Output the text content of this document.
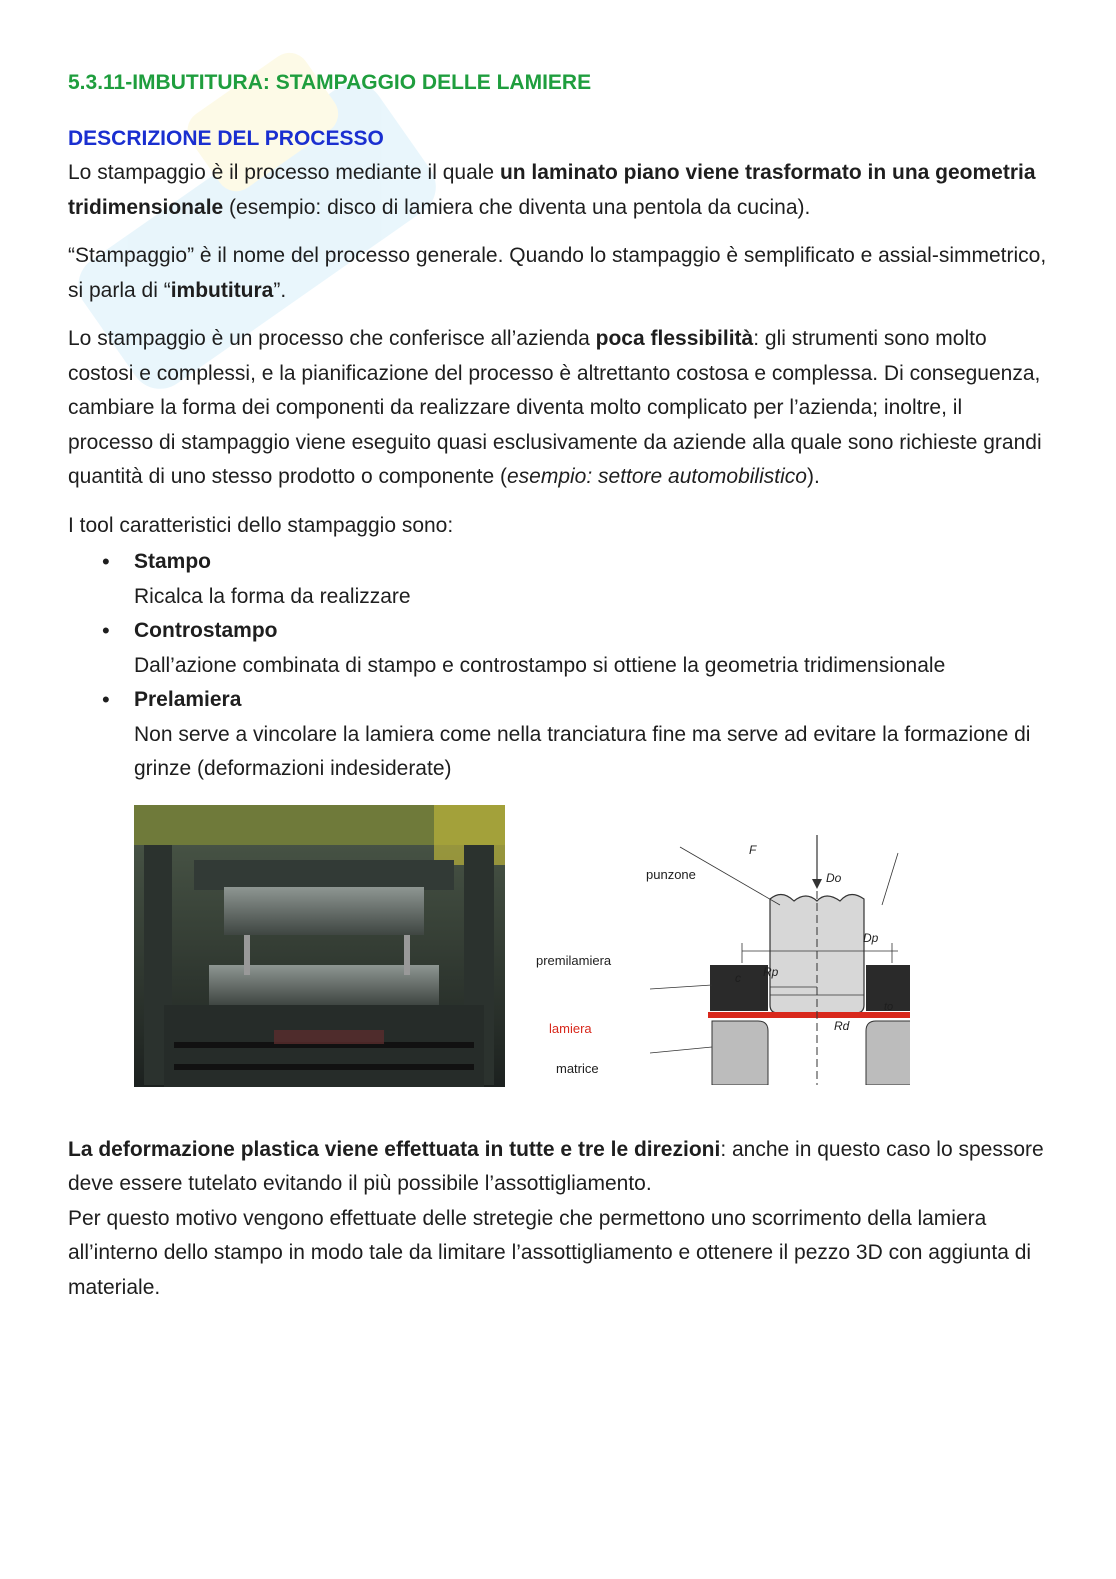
5.3.11-IMBUTITURA: STAMPAGGIO DELLE LAMIERE
DESCRIZIONE DEL PROCESSO

Lo stampaggio è il processo mediante il quale un laminato piano viene trasformato in una geometria tridimensionale (esempio: disco di lamiera che diventa una pentola da cucina).

“Stampaggio” è il nome del processo generale. Quando lo stampaggio è semplificato e assial-simmetrico, si parla di “imbutitura”.

Lo stampaggio è un processo che conferisce all’azienda poca flessibilità: gli strumenti sono molto costosi e complessi, e la pianificazione del processo è altrettanto costosa e complessa. Di conseguenza, cambiare la forma dei componenti da realizzare diventa molto complicato per l’azienda; inoltre, il processo di stampaggio viene eseguito quasi esclusivamente da aziende alla quale sono richieste grandi quantità di uno stesso prodotto o componente (esempio: settore automobilistico).

I tool caratteristici dello stampaggio sono:

• Stampo
Ricalca la forma da realizzare
• Controstampo
Dall’azione combinata di stampo e controstampo si ottiene la geometria tridimensionale
• Prelamiera
Non serve a vincolare la lamiera come nella tranciatura fine ma serve ad evitare la formazione di grinze (deformazioni indesiderate)
punzone
premilamiera
lamiera
matrice
F
Do
Dp
Rp
Rd
c
to

La deformazione plastica viene effettuata in tutte e tre le direzioni: anche in questo caso lo spessore deve essere tutelato evitando il più possibile l’assottigliamento.

Per questo motivo vengono effettuate delle stretegie che permettono uno scorrimento della lamiera all’interno dello stampo in modo tale da limitare l’assottigliamento e ottenere il pezzo 3D con aggiunta di materiale.
